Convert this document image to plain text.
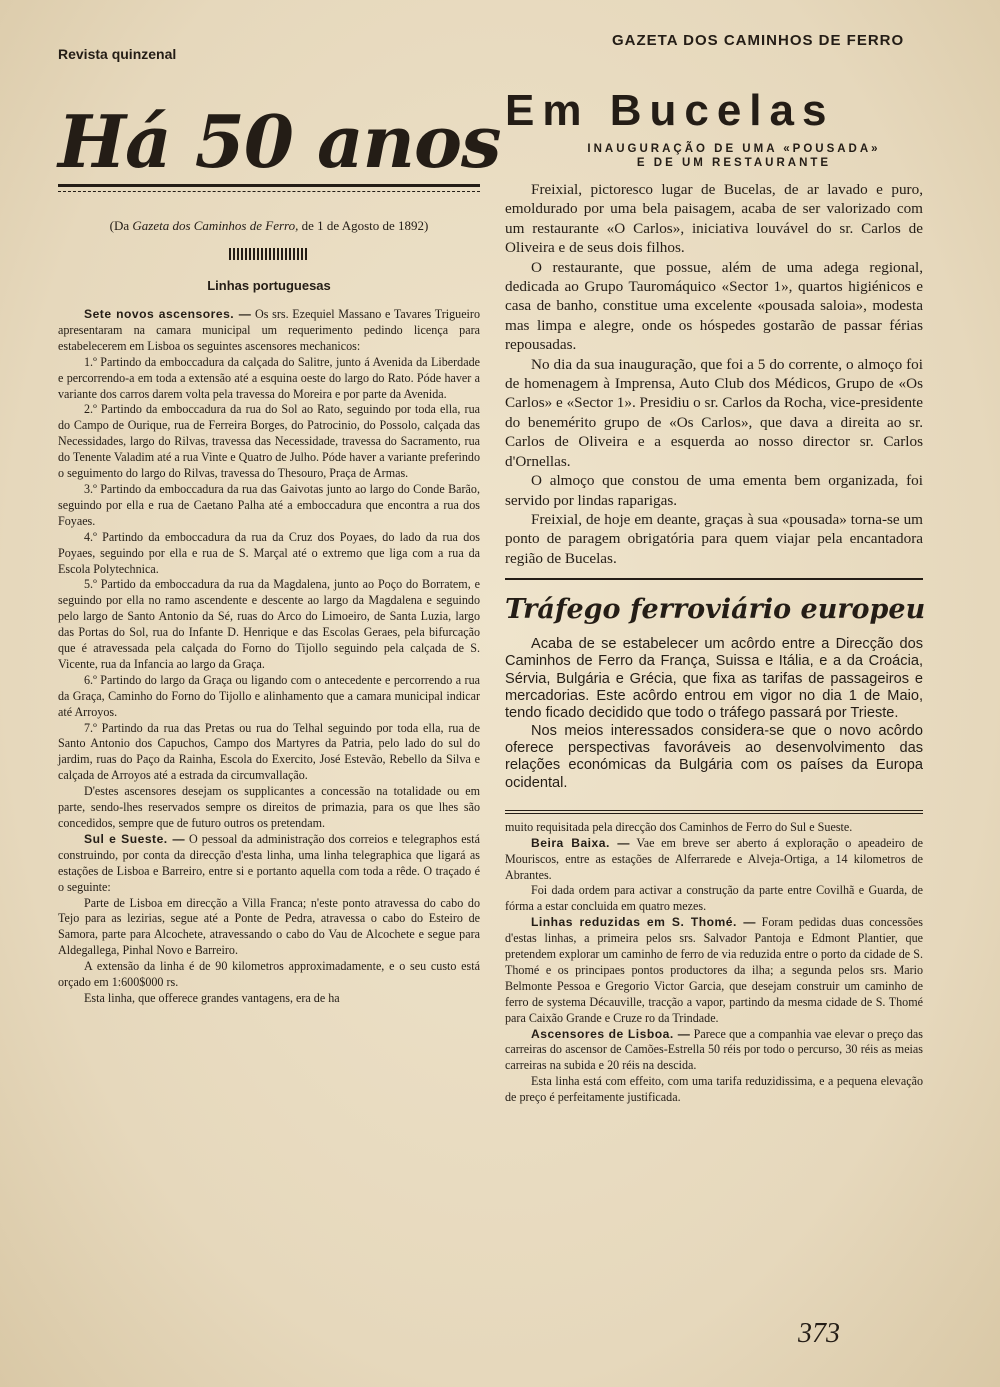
Revista quinzenal
GAZETA DOS CAMINHOS DE FERRO
Há 50 anos
(Da Gazeta dos Caminhos de Ferro, de 1 de Agosto de 1892)
Linhas portuguesas

Sete novos ascensores. — Os srs. Ezequiel Massano e Tavares Trigueiro apresentaram na camara municipal um requerimento pedindo licença para estabelecerem em Lisboa os seguintes ascensores mechanicos:

1.º Partindo da emboccadura da calçada do Salitre, junto á Avenida da Liberdade e percorrendo-a em toda a extensão até a esquina oeste do largo do Rato. Póde haver a variante dos carros darem volta pela travessa do Moreira e por parte da Avenida.

2.º Partindo da emboccadura da rua do Sol ao Rato, seguindo por toda ella, rua do Campo de Ourique, rua de Ferreira Borges, do Patrocinio, do Possolo, calçada das Necessidades, largo do Rilvas, travessa das Necessidade, travessa do Sacramento, rua do Tenente Valadim até a rua Vinte e Quatro de Julho. Póde haver a variante preferindo o seguimento do largo do Rilvas, travessa do Thesouro, Praça de Armas.

3.º Partindo da emboccadura da rua das Gaivotas junto ao largo do Conde Barão, seguindo por ella e rua de Caetano Palha até a emboccadura que encontra a rua dos Foyaes.

4.º Partindo da emboccadura da rua da Cruz dos Poyaes, do lado da rua dos Poyaes, seguindo por ella e rua de S. Marçal até o extremo que liga com a rua da Escola Polytechnica.

5.º Partido da emboccadura da rua da Magdalena, junto ao Poço do Borratem, e seguindo por ella no ramo ascendente e descente ao largo da Magdalena e seguindo pelo largo de Santo Antonio da Sé, ruas do Arco do Limoeiro, de Santa Luzia, largo das Portas do Sol, rua do Infante D. Henrique e das Escolas Geraes, pela bifurcação que é atravessada pela calçada do Forno do Tijollo seguindo pela calçada de S. Vicente, rua da Infancia ao largo da Graça.

6.º Partindo do largo da Graça ou ligando com o antecedente e percorrendo a rua da Graça, Caminho do Forno do Tijollo e alinhamento que a camara municipal indicar até Arroyos.

7.º Partindo da rua das Pretas ou rua do Telhal seguindo por toda ella, rua de Santo Antonio dos Capuchos, Campo dos Martyres da Patria, pelo lado do sul do jardim, ruas do Paço da Rainha, Escola do Exercito, José Estevão, Rebello da Silva e calçada de Arroyos até a estrada da circumvallação.

D'estes ascensores desejam os supplicantes a concessão na totalidade ou em parte, sendo-lhes reservados sempre os direitos de primazia, para os que lhes são concedidos, sempre que de futuro outros os pretendam.

Sul e Sueste. — O pessoal da administração dos correios e telegraphos está construindo, por conta da direcção d'esta linha, uma linha telegraphica que ligará as estações de Lisboa e Barreiro, entre si e portanto aquella com toda a rêde. O traçado é o seguinte:

Parte de Lisboa em direcção a Villa Franca; n'este ponto atravessa do cabo do Tejo para as lezirias, segue até a Ponte de Pedra, atravessa o cabo do Esteiro de Samora, parte para Alcochete, atravessando o cabo do Vau de Alcochete e segue para Aldegallega, Pinhal Novo e Barreiro.

A extensão da linha é de 90 kilometros approximadamente, e o seu custo está orçado em 1:600$000 rs.

Esta linha, que offerece grandes vantagens, era de ha

Em Bucelas
INAUGURAÇÃO DE UMA «POUSADA»
E DE UM RESTAURANTE

Freixial, pictoresco lugar de Bucelas, de ar lavado e puro, emoldurado por uma bela paisagem, acaba de ser valorizado com um restaurante «O Carlos», iniciativa louvável do sr. Carlos de Oliveira e de seus dois filhos.

O restaurante, que possue, além de uma adega regional, dedicada ao Grupo Tauromáquico «Sector 1», quartos higiénicos e casa de banho, constitue uma excelente «pousada saloia», modesta mas limpa e alegre, onde os hóspedes gostarão de passar férias repousadas.

No dia da sua inauguração, que foi a 5 do corrente, o almoço foi de homenagem à Imprensa, Auto Club dos Médicos, Grupo de «Os Carlos» e «Sector 1». Presidiu o sr. Carlos da Rocha, vice-presidente do benemérito grupo de «Os Carlos», que dava a direita ao sr. Carlos de Oliveira e a esquerda ao nosso director sr. Carlos d'Ornellas.

O almoço que constou de uma ementa bem organizada, foi servido por lindas raparigas.

Freixial, de hoje em deante, graças à sua «pousada» torna-se um ponto de paragem obrigatória para quem viajar pela encantadora região de Bucelas.

Tráfego ferroviário europeu

Acaba de se estabelecer um acôrdo entre a Direcção dos Caminhos de Ferro da França, Suissa e Itália, e a da Croácia, Sérvia, Bulgária e Grécia, que fixa as tarifas de passageiros e mercadorias. Este acôrdo entrou em vigor no dia 1 de Maio, tendo ficado decidido que todo o tráfego passará por Trieste.

Nos meios interessados considera-se que o novo acôrdo oferece perspectivas favoráveis ao desenvolvimento das relações económicas da Bulgária com os países da Europa ocidental.

muito requisitada pela direcção dos Caminhos de Ferro do Sul e Sueste.

Beira Baixa. — Vae em breve ser aberto á exploração o apeadeiro de Mouriscos, entre as estações de Alferrarede e Alveja-Ortiga, a 14 kilometros de Abrantes.

Foi dada ordem para activar a construção da parte entre Covilhã e Guarda, de fórma a estar concluida em quatro mezes.

Linhas reduzidas em S. Thomé. — Foram pedidas duas concessões d'estas linhas, a primeira pelos srs. Salvador Pantoja e Edmont Plantier, que pretendem explorar um caminho de ferro de via reduzida entre o porto da cidade de S. Thomé e os principaes pontos productores da ilha; a segunda pelos srs. Mario Belmonte Pessoa e Gregorio Victor Garcia, que desejam construir um caminho de ferro de systema Décauville, tracção a vapor, partindo da mesma cidade de S. Thomé para Caixão Grande e Cruze ro da Trindade.

Ascensores de Lisboa. — Parece que a companhia vae elevar o preço das carreiras do ascensor de Camões-Estrella 50 réis por todo o percurso, 30 réis as meias carreiras na subida e 20 réis na descida.

Esta linha está com effeito, com uma tarifa reduzidissima, e a pequena elevação de preço é perfeitamente justificada.

373
